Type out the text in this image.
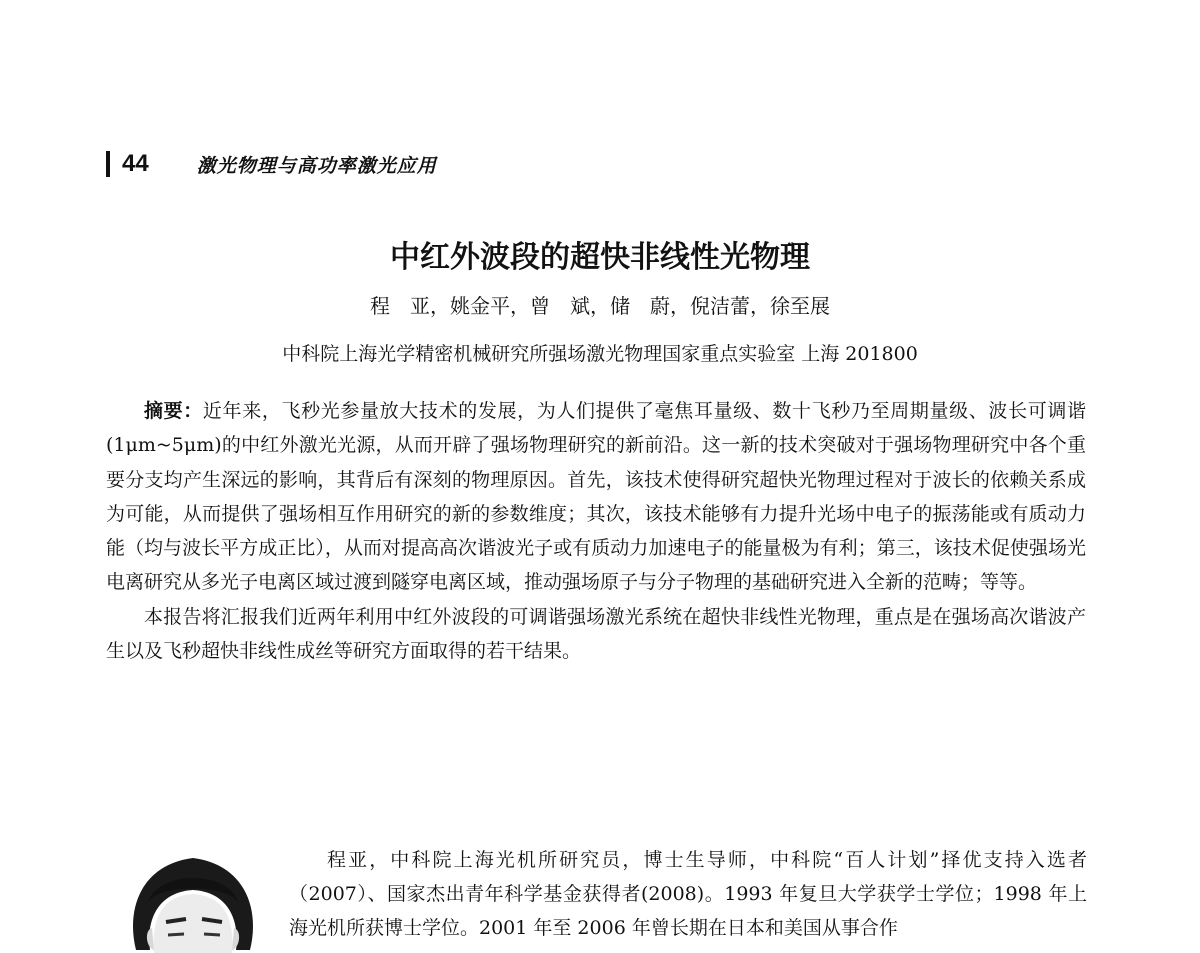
44	激光物理与高功率激光应用
中红外波段的超快非线性光物理
程　亚，姚金平，曾　斌，储　蔚，倪洁蕾，徐至展
中科院上海光学精密机械研究所强场激光物理国家重点实验室 上海 201800

摘要：近年来，飞秒光参量放大技术的发展，为人们提供了毫焦耳量级、数十飞秒乃至周期量级、波长可调谐(1μm~5μm)的中红外激光光源，从而开辟了强场物理研究的新前沿。这一新的技术突破对于强场物理研究中各个重要分支均产生深远的影响，其背后有深刻的物理原因。首先，该技术使得研究超快光物理过程对于波长的依赖关系成为可能，从而提供了强场相互作用研究的新的参数维度；其次，该技术能够有力提升光场中电子的振荡能或有质动力能（均与波长平方成正比），从而对提高高次谐波光子或有质动力加速电子的能量极为有利；第三，该技术促使强场光电离研究从多光子电离区域过渡到隧穿电离区域，推动强场原子与分子物理的基础研究进入全新的范畴；等等。

本报告将汇报我们近两年利用中红外波段的可调谐强场激光系统在超快非线性光物理，重点是在强场高次谐波产生以及飞秒超快非线性成丝等研究方面取得的若干结果。

程亚，中科院上海光机所研究员，博士生导师，中科院“百人计划”择优支持入选者（2007）、国家杰出青年科学基金获得者(2008)。1993 年复旦大学获学士学位；1998 年上海光机所获博士学位。2001 年至 2006 年曾长期在日本和美国从事合作
